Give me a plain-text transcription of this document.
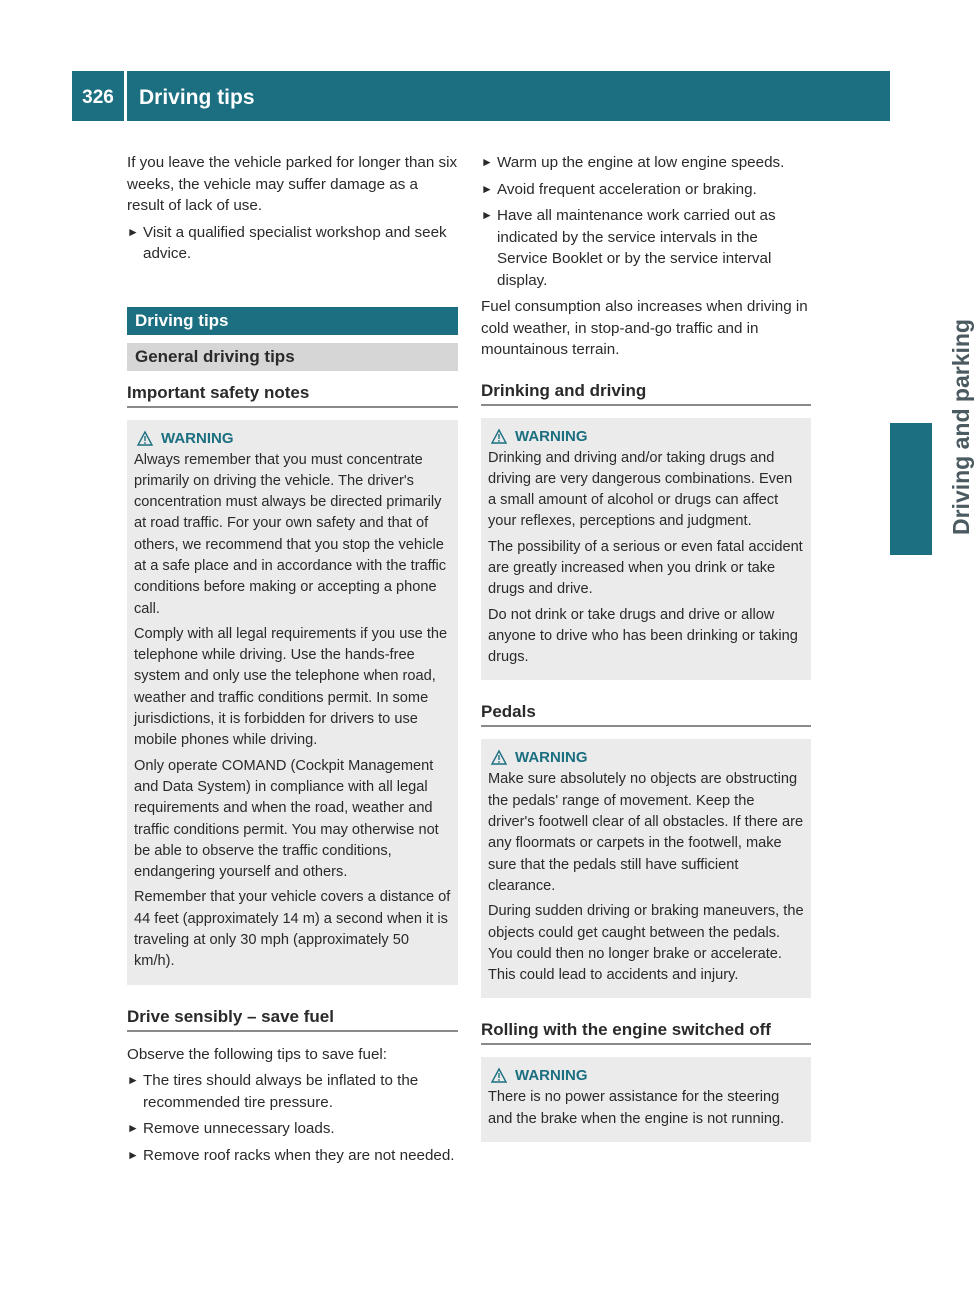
326	Driving tips
Driving and parking

If you leave the vehicle parked for longer than six weeks, the vehicle may suffer damage as a result of lack of use.

► Visit a qualified specialist workshop and seek advice.
Driving tips
General driving tips
Important safety notes
WARNING

Always remember that you must concentrate primarily on driving the vehicle. The driver's concentration must always be directed primarily at road traffic. For your own safety and that of others, we recommend that you stop the vehicle at a safe place and in accordance with the traffic conditions before making or accepting a phone call.

Comply with all legal requirements if you use the telephone while driving. Use the hands-free system and only use the telephone when road, weather and traffic conditions permit. In some jurisdictions, it is forbidden for drivers to use mobile phones while driving.

Only operate COMAND (Cockpit Management and Data System) in compliance with all legal requirements and when the road, weather and traffic conditions permit. You may otherwise not be able to observe the traffic conditions, endangering yourself and others.

Remember that your vehicle covers a distance of 44 feet (approximately 14 m) a second when it is traveling at only 30 mph (approximately 50 km/h).

Drive sensibly – save fuel

Observe the following tips to save fuel:

► The tires should always be inflated to the recommended tire pressure.
► Remove unnecessary loads.
► Remove roof racks when they are not needed.
► Warm up the engine at low engine speeds.
► Avoid frequent acceleration or braking.
► Have all maintenance work carried out as indicated by the service intervals in the Service Booklet or by the service interval display.

Fuel consumption also increases when driving in cold weather, in stop-and-go traffic and in mountainous terrain.

Drinking and driving
WARNING

Drinking and driving and/or taking drugs and driving are very dangerous combinations. Even a small amount of alcohol or drugs can affect your reflexes, perceptions and judgment.

The possibility of a serious or even fatal accident are greatly increased when you drink or take drugs and drive.

Do not drink or take drugs and drive or allow anyone to drive who has been drinking or taking drugs.

Pedals
WARNING

Make sure absolutely no objects are obstructing the pedals' range of movement. Keep the driver's footwell clear of all obstacles. If there are any floormats or carpets in the footwell, make sure that the pedals still have sufficient clearance.

During sudden driving or braking maneuvers, the objects could get caught between the pedals. You could then no longer brake or accelerate. This could lead to accidents and injury.

Rolling with the engine switched off
WARNING

There is no power assistance for the steering and the brake when the engine is not running.
